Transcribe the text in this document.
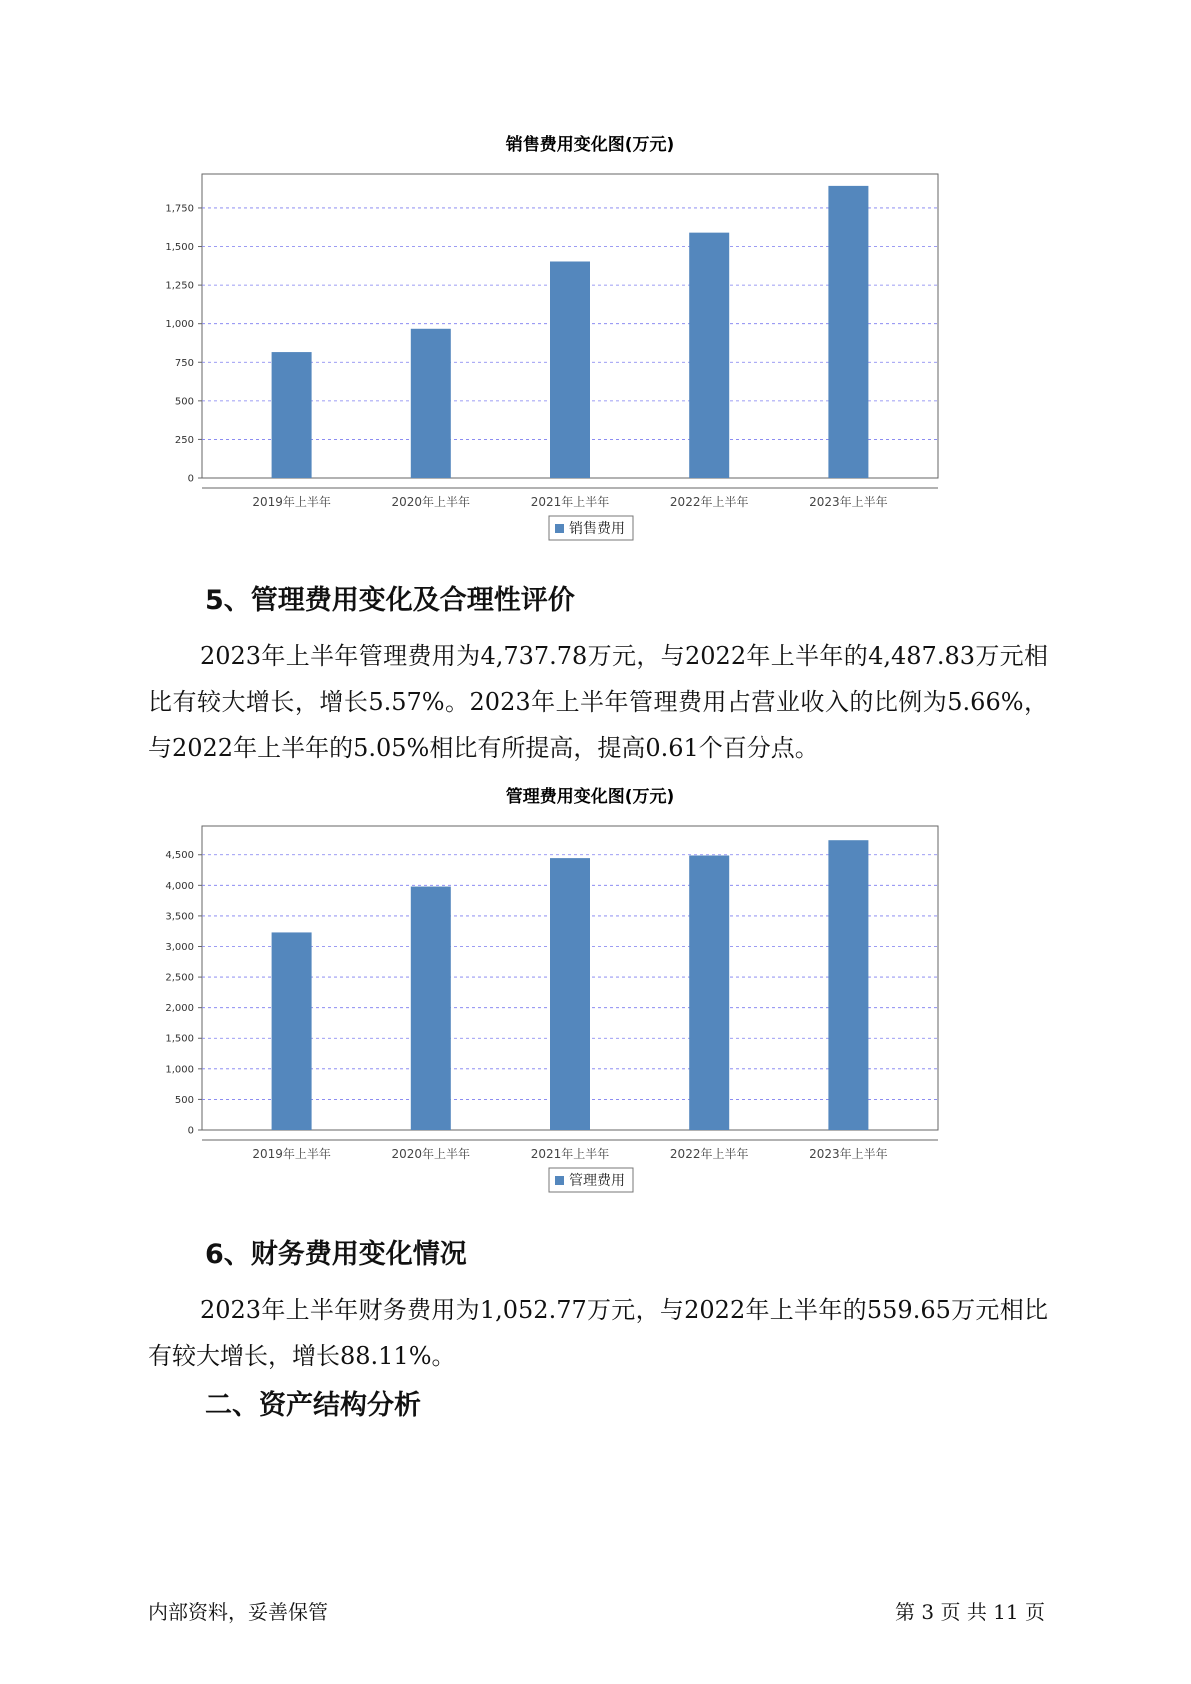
销售费用变化图(万元)
0
250
500
750
1,000
1,250
1,500
1,750
2019年上半年	2020年上半年	2021年上半年	2022年上半年	2023年上半年
销售费用
5、管理费用变化及合理性评价

2023年上半年管理费用为4,737.78万元，与2022年上半年的4,487.83万元相比有较大增长，增长5.57%。2023年上半年管理费用占营业收入的比例为5.66%，与2022年上半年的5.05%相比有所提高，提高0.61个百分点。

管理费用变化图(万元)
0
500
1,000
1,500
2,000
2,500
3,000
3,500
4,000
4,500
2019年上半年	2020年上半年	2021年上半年	2022年上半年	2023年上半年
管理费用
6、财务费用变化情况

2023年上半年财务费用为1,052.77万元，与2022年上半年的559.65万元相比有较大增长，增长88.11%。

二、资产结构分析
内部资料，妥善保管	第 3 页 共 11 页
